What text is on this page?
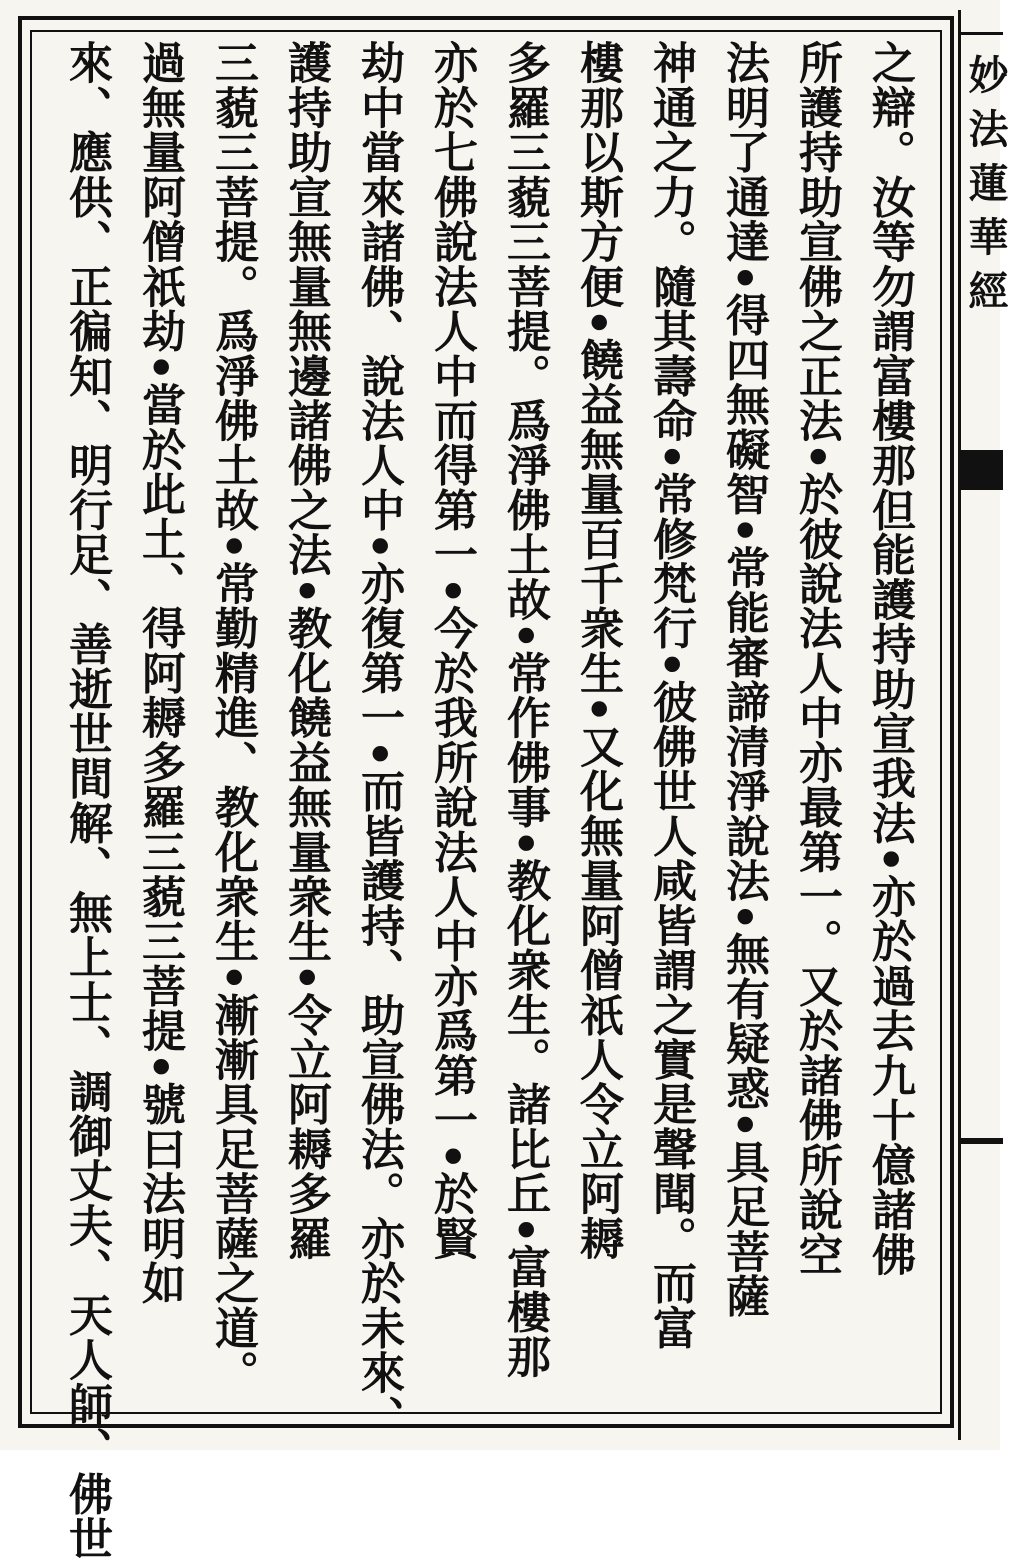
之辯。汝等勿謂富樓那但能護持助宣我法•亦於過去九十億諸佛
所護持助宣佛之正法•於彼說法人中亦最第一。又於諸佛所說空
法明了通達•得四無礙智•常能審諦清淨說法•無有疑惑•具足菩薩
神通之力。隨其壽命•常修梵行•彼佛世人咸皆謂之實是聲聞。而富
樓那以斯方便•饒益無量百千衆生•又化無量阿僧祇人令立阿耨
多羅三藐三菩提。爲淨佛土故•常作佛事•教化衆生。諸比丘•富樓那
亦於七佛說法人中而得第一•今於我所說法人中亦爲第一•於賢
劫中當來諸佛、說法人中•亦復第一•而皆護持、助宣佛法。亦於未來、
護持助宣無量無邊諸佛之法•教化饒益無量衆生•令立阿耨多羅
三藐三菩提。爲淨佛土故•常勤精進、教化衆生•漸漸具足菩薩之道。
過無量阿僧祇劫•當於此土、得阿耨多羅三藐三菩提•號曰法明如
來、應供、正徧知、明行足、善逝世間解、無上士、調御丈夫、天人師、佛世	妙法蓮華經
